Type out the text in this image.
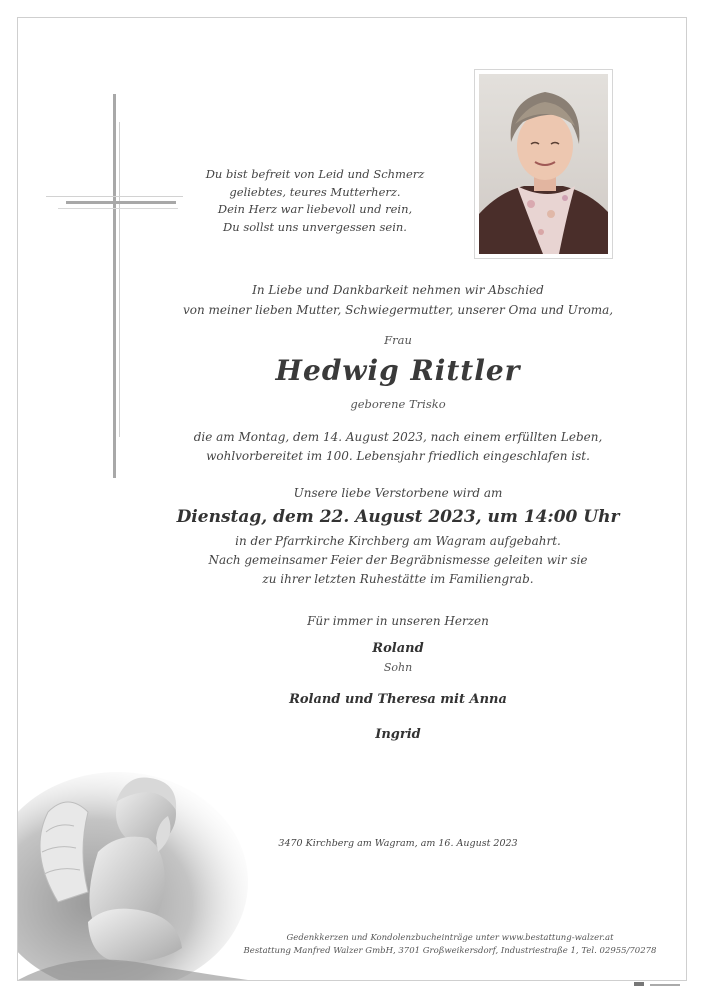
Du bist befreit von Leid und Schmerz
geliebtes, teures Mutterherz.
Dein Herz war liebevoll und rein,
Du sollst uns unvergessen sein.
In Liebe und Dankbarkeit nehmen wir Abschied
von meiner lieben Mutter, Schwiegermutter, unserer Oma und Uroma,
Frau
Hedwig Rittler
geborene Trisko
die am Montag, dem 14. August 2023, nach einem erfüllten Leben,
wohlvorbereitet im 100. Lebensjahr friedlich eingeschlafen ist.
Unsere liebe Verstorbene wird am
Dienstag, dem 22. August 2023, um 14:00 Uhr
in der Pfarrkirche Kirchberg am Wagram aufgebahrt.
Nach gemeinsamer Feier der Begräbnismesse geleiten wir sie
zu ihrer letzten Ruhestätte im Familiengrab.
Für immer in unseren Herzen
Roland
Sohn
Roland und Theresa mit Anna
Ingrid
3470 Kirchberg am Wagram, am 16. August 2023
Gedenkkerzen und Kondolenzbucheinträge unter www.bestattung-walzer.at
Bestattung Manfred Walzer GmbH, 3701 Großweikersdorf, Industriestraße 1, Tel. 02955/70278
